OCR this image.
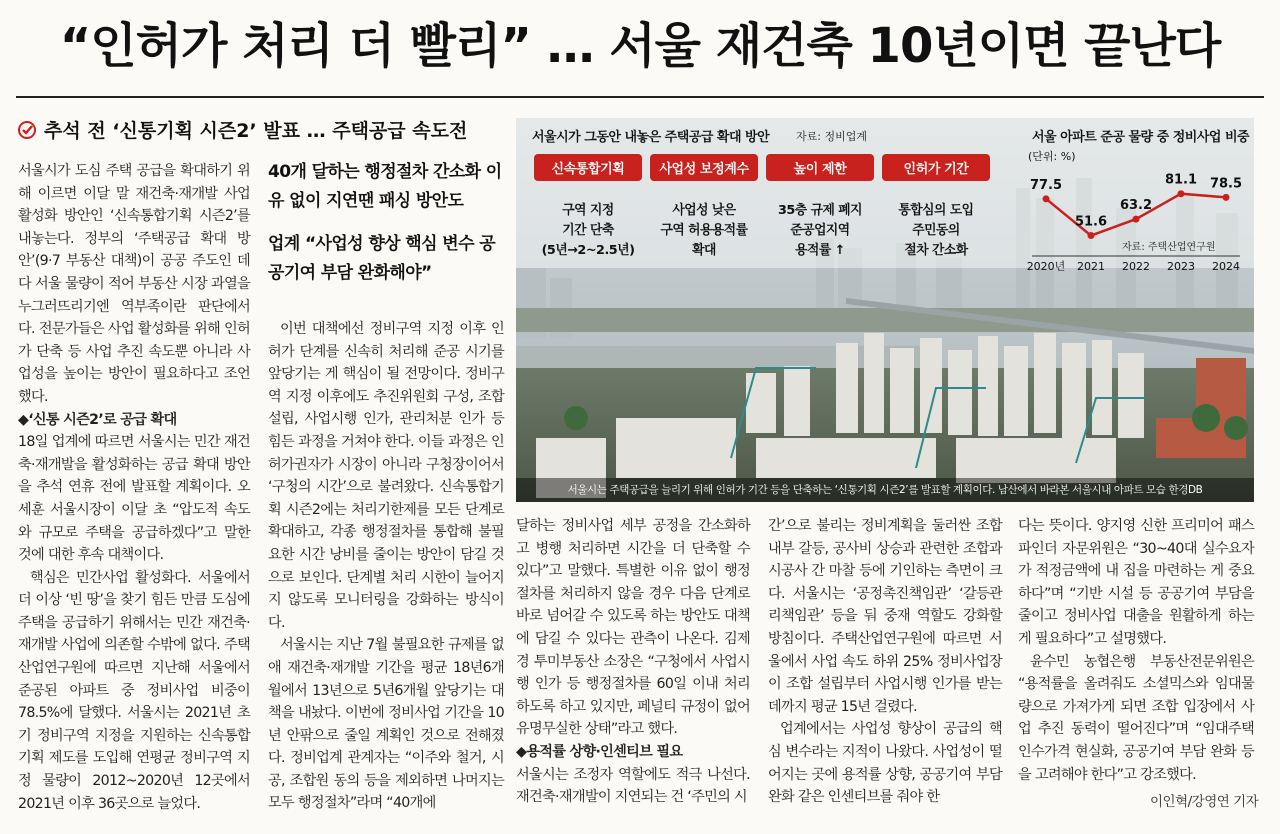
“인허가 처리 더 빨리” … 서울 재건축 10년이면 끝난다
추석 전 ‘신통기획 시즌2’ 발표 … 주택공급 속도전

서울시가 도심 주택 공급을 확대하기 위해 이르면 이달 말 재건축·재개발 사업 활성화 방안인 ‘신속통합기획 시즌2’를 내놓는다. 정부의 ‘주택공급 확대 방안’(9·7 부동산 대책)이 공공 주도인 데다 서울 물량이 적어 부동산 시장 과열을 누그러뜨리기엔 역부족이란 판단에서다. 전문가들은 사업 활성화를 위해 인허가 단축 등 사업 추진 속도뿐 아니라 사업성을 높이는 방안이 필요하다고 조언했다.

◆‘신통 시즌2’로 공급 확대

18일 업계에 따르면 서울시는 민간 재건축·재개발을 활성화하는 공급 확대 방안을 추석 연휴 전에 발표할 계획이다. 오세훈 서울시장이 이달 초 “압도적 속도와 규모로 주택을 공급하겠다”고 말한 것에 대한 후속 대책이다.

핵심은 민간사업 활성화다. 서울에서 더 이상 ‘빈 땅’을 찾기 힘든 만큼 도심에 주택을 공급하기 위해서는 민간 재건축·재개발 사업에 의존할 수밖에 없다. 주택산업연구원에 따르면 지난해 서울에서 준공된 아파트 중 정비사업 비중이 78.5%에 달했다. 서울시는 2021년 초기 정비구역 지정을 지원하는 신속통합기획 제도를 도입해 연평균 정비구역 지정 물량이 2012~2020년 12곳에서 2021년 이후 36곳으로 늘었다.

40개 달하는 행정절차 간소화 이유 없이 지연땐 패싱 방안도

업계 “사업성 향상 핵심 변수 공공기여 부담 완화해야”

이번 대책에선 정비구역 지정 이후 인허가 단계를 신속히 처리해 준공 시기를 앞당기는 게 핵심이 될 전망이다. 정비구역 지정 이후에도 추진위원회 구성, 조합 설립, 사업시행 인가, 관리처분 인가 등 힘든 과정을 거쳐야 한다. 이들 과정은 인허가권자가 시장이 아니라 구청장이어서 ‘구청의 시간’으로 불려왔다. 신속통합기획 시즌2에는 처리기한제를 모든 단계로 확대하고, 각종 행정절차를 통합해 불필요한 시간 낭비를 줄이는 방안이 담길 것으로 보인다. 단계별 처리 시한이 늘어지지 않도록 모니터링을 강화하는 방식이다.

서울시는 지난 7월 불필요한 규제를 없애 재건축·재개발 기간을 평균 18년6개월에서 13년으로 5년6개월 앞당기는 대책을 내놨다. 이번에 정비사업 기간을 10년 안팎으로 줄일 계획인 것으로 전해졌다. 정비업계 관계자는 “이주와 철거, 시공, 조합원 동의 등을 제외하면 나머지는 모두 행정절차”라며 “40개에

서울시가 그동안 내놓은 주택공급 확대 방안 자료: 정비업계
신속통합기획
구역 지정
기간 단축
(5년→2~2.5년)
사업성 보정계수
사업성 낮은
구역 허용용적률
확대
높이 제한
35층 규제 폐지
준공업지역
용적률 ↑
인허가 기간
통합심의 도입
주민동의
절차 간소화
서울 아파트 준공 물량 중 정비사업 비중
(단위: %)
자료: 주택산업연구원
77.5
2020년
51.6
2021
63.2
2022
81.1
2023
78.5
2024
서울시는 주택공급을 늘리기 위해 인허가 기간 등을 단축하는 ‘신통기획 시즌2’를 발표할 계획이다. 남산에서 바라본 서울시내 아파트 모습 한경DB

달하는 정비사업 세부 공정을 간소화하고 병행 처리하면 시간을 더 단축할 수 있다”고 말했다. 특별한 이유 없이 행정절차를 처리하지 않을 경우 다음 단계로 바로 넘어갈 수 있도록 하는 방안도 대책에 담길 수 있다는 관측이 나온다. 김제경 투미부동산 소장은 “구청에서 사업시행 인가 등 행정절차를 60일 이내 처리하도록 하고 있지만, 페널티 규정이 없어 유명무실한 상태”라고 했다.

◆용적률 상향·인센티브 필요

서울시는 조정자 역할에도 적극 나선다. 재건축·재개발이 지연되는 건 ‘주민의 시

간’으로 불리는 정비계획을 둘러싼 조합 내부 갈등, 공사비 상승과 관련한 조합과 시공사 간 마찰 등에 기인하는 측면이 크다. 서울시는 ‘공정촉진책임관’ ‘갈등관리책임관’ 등을 둬 중재 역할도 강화할 방침이다. 주택산업연구원에 따르면 서울에서 사업 속도 하위 25% 정비사업장이 조합 설립부터 사업시행 인가를 받는 데까지 평균 15년 걸렸다.

업계에서는 사업성 향상이 공급의 핵심 변수라는 지적이 나왔다. 사업성이 떨어지는 곳에 용적률 상향, 공공기여 부담 완화 같은 인센티브를 줘야 한

다는 뜻이다. 양지영 신한 프리미어 패스파인더 자문위원은 “30~40대 실수요자가 적정금액에 내 집을 마련하는 게 중요하다”며 “기반 시설 등 공공기여 부담을 줄이고 정비사업 대출을 원활하게 하는 게 필요하다”고 설명했다.

윤수민 농협은행 부동산전문위원은 “용적률을 올려줘도 소셜믹스와 임대물량으로 가져가게 되면 조합 입장에서 사업 추진 동력이 떨어진다”며 “임대주택 인수가격 현실화, 공공기여 부담 완화 등을 고려해야 한다”고 강조했다.

이인혁/강영연 기자
